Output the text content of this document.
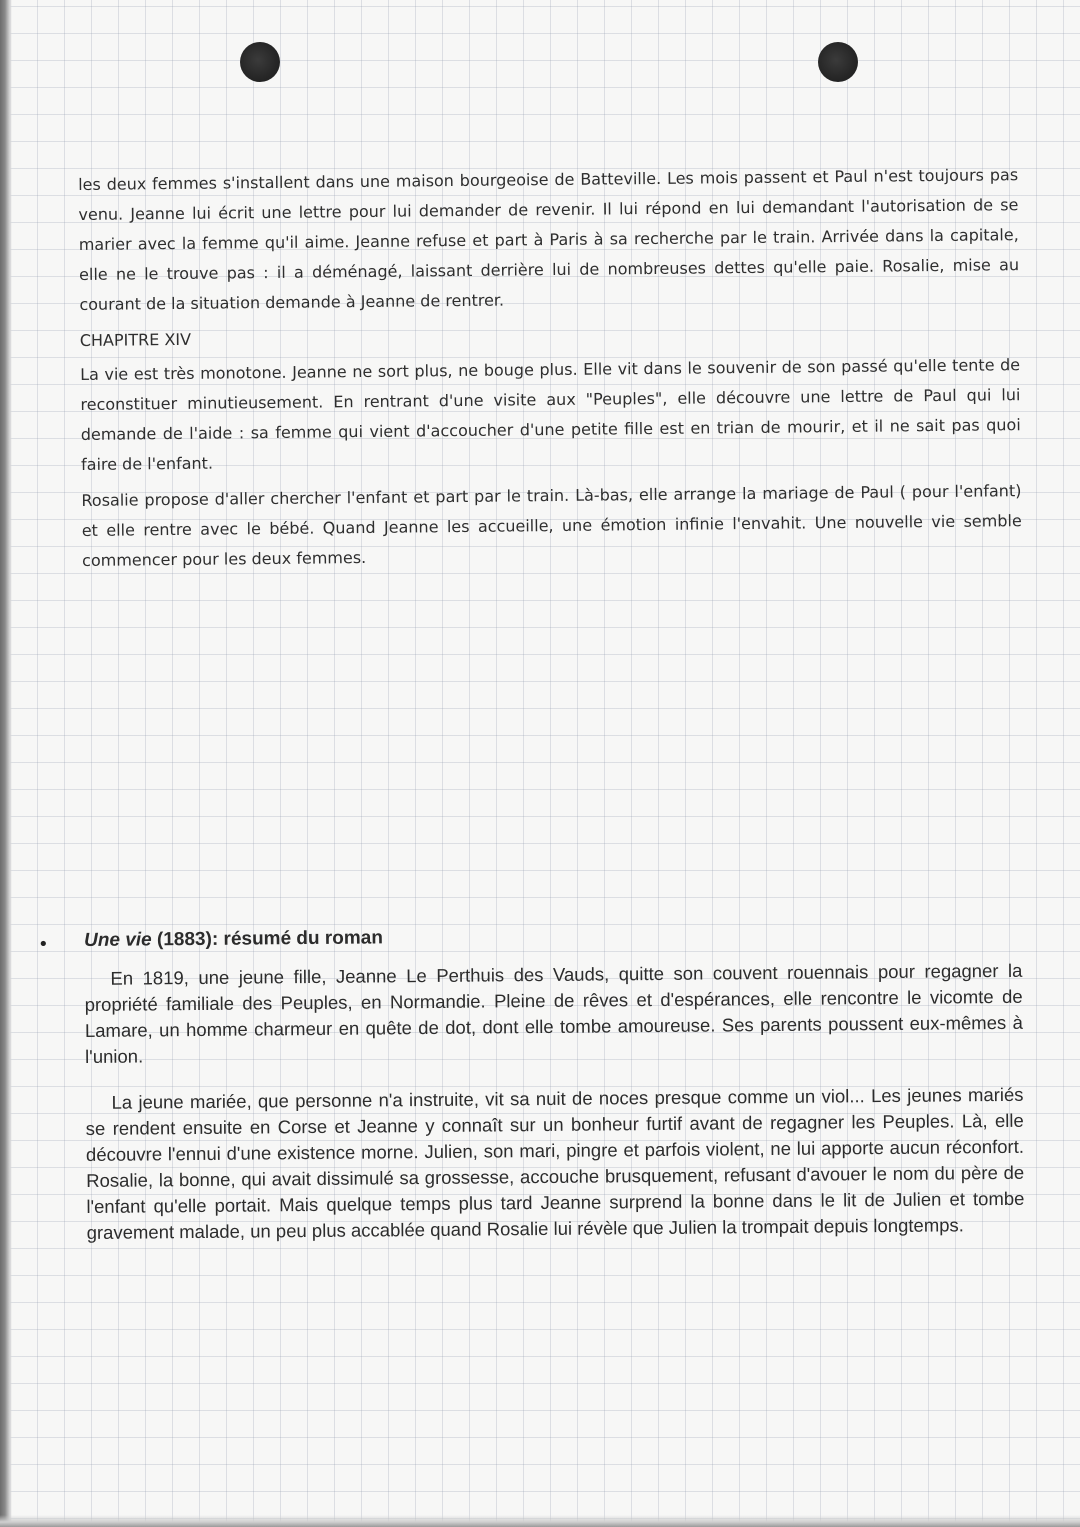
les deux femmes s'installent dans une maison bourgeoise de Batteville. Les mois passent et Paul n'est toujours pas venu. Jeanne lui écrit une lettre pour lui demander de revenir. Il lui répond en lui demandant l'autorisation de se marier avec la femme qu'il aime. Jeanne refuse et part à Paris à sa recherche par le train. Arrivée dans la capitale, elle ne le trouve pas : il a déménagé, laissant derrière lui de nombreuses dettes qu'elle paie. Rosalie, mise au courant de la situation demande à Jeanne de rentrer.

CHAPITRE XIV

La vie est très monotone. Jeanne ne sort plus, ne bouge plus. Elle vit dans le souvenir de son passé qu'elle tente de reconstituer minutieusement. En rentrant d'une visite aux "Peuples", elle découvre une lettre de Paul qui lui demande de l'aide : sa femme qui vient d'accoucher d'une petite fille est en trian de mourir, et il ne sait pas quoi faire de l'enfant.

Rosalie propose d'aller chercher l'enfant et part par le train. Là-bas, elle arrange la mariage de Paul ( pour l'enfant) et elle rentre avec le bébé. Quand Jeanne les accueille, une émotion infinie l'envahit. Une nouvelle vie semble commencer pour les deux femmes.

• Une vie (1883): résumé du roman

En 1819, une jeune fille, Jeanne Le Perthuis des Vauds, quitte son couvent rouennais pour regagner la propriété familiale des Peuples, en Normandie. Pleine de rêves et d'espérances, elle rencontre le vicomte de Lamare, un homme charmeur en quête de dot, dont elle tombe amoureuse. Ses parents poussent eux-mêmes à l'union.

La jeune mariée, que personne n'a instruite, vit sa nuit de noces presque comme un viol... Les jeunes mariés se rendent ensuite en Corse et Jeanne y connaît sur un bonheur furtif avant de regagner les Peuples. Là, elle découvre l'ennui d'une existence morne. Julien, son mari, pingre et parfois violent, ne lui apporte aucun réconfort. Rosalie, la bonne, qui avait dissimulé sa grossesse, accouche brusquement, refusant d'avouer le nom du père de l'enfant qu'elle portait. Mais quelque temps plus tard Jeanne surprend la bonne dans le lit de Julien et tombe gravement malade, un peu plus accablée quand Rosalie lui révèle que Julien la trompait depuis longtemps.
